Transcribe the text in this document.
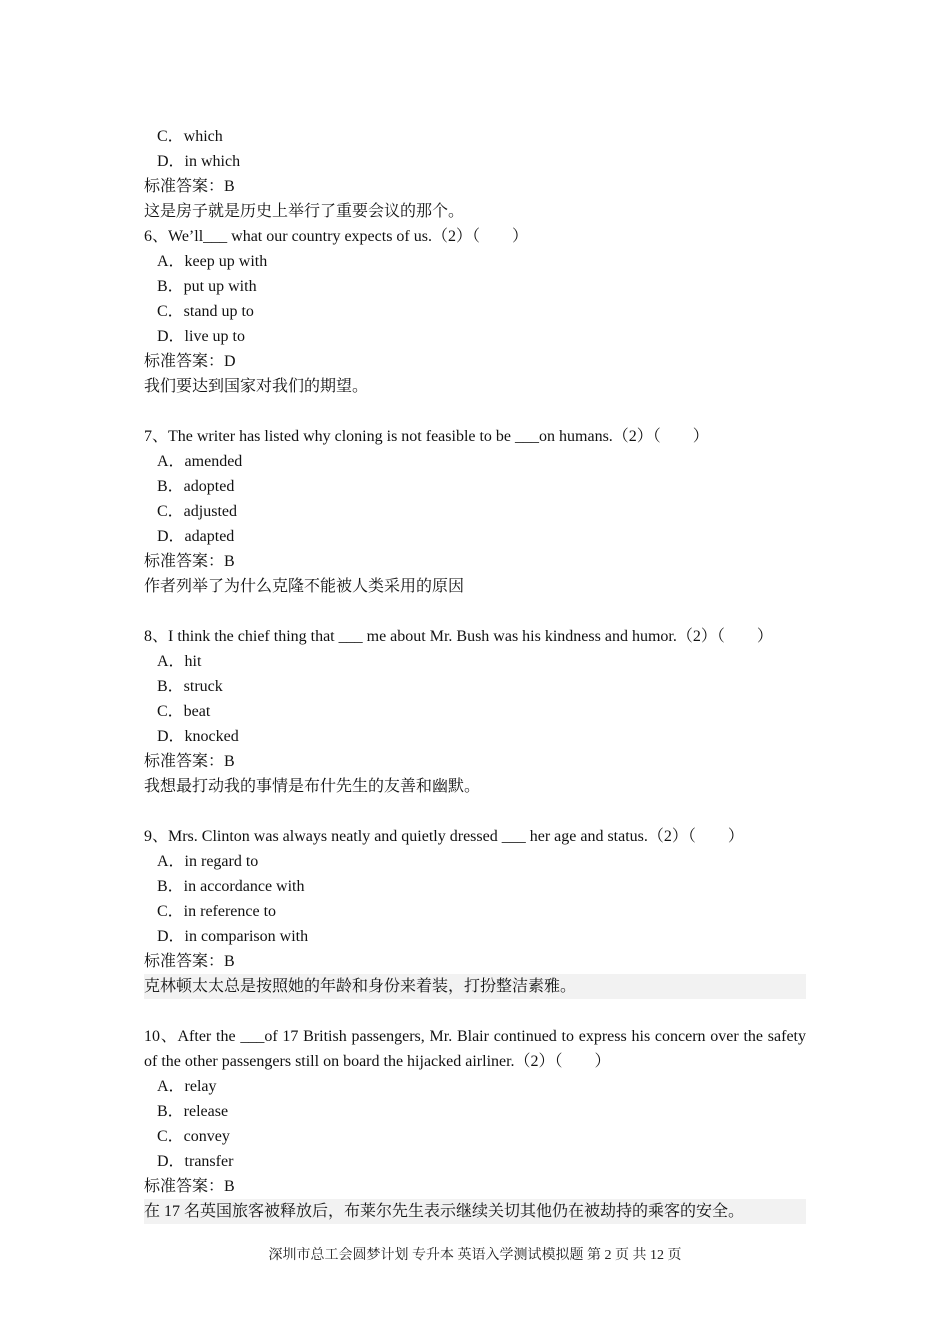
C．which
D．in which
标准答案：B
这是房子就是历史上举行了重要会议的那个。
6、We’ll___ what our country expects of us.（2）（　　）
A．keep up with
B．put up with
C．stand up to
D．live up to
标准答案：D
我们要达到国家对我们的期望。
7、The writer has listed why cloning is not feasible to be ___on humans.（2）（　　）
A．amended
B．adopted
C．adjusted
D．adapted
标准答案：B
作者列举了为什么克隆不能被人类采用的原因
8、I think the chief thing that ___ me about Mr. Bush was his kindness and humor.（2）（　　）
A．hit
B．struck
C．beat
D．knocked
标准答案：B
我想最打动我的事情是布什先生的友善和幽默。
9、Mrs. Clinton was always neatly and quietly dressed ___ her age and status.（2）（　　）
A．in regard to
B．in accordance with
C．in reference to
D．in comparison with
标准答案：B
克林顿太太总是按照她的年龄和身份来着装，打扮整洁素雅。
10、After the ___of 17 British passengers, Mr. Blair continued to express his concern over the safety of the other passengers still on board the hijacked airliner.（2）（　　）
A．relay
B．release
C．convey
D．transfer
标准答案：B
在 17 名英国旅客被释放后，布莱尔先生表示继续关切其他仍在被劫持的乘客的安全。
深圳市总工会圆梦计划 专升本 英语入学测试模拟题 第 2 页 共 12 页
